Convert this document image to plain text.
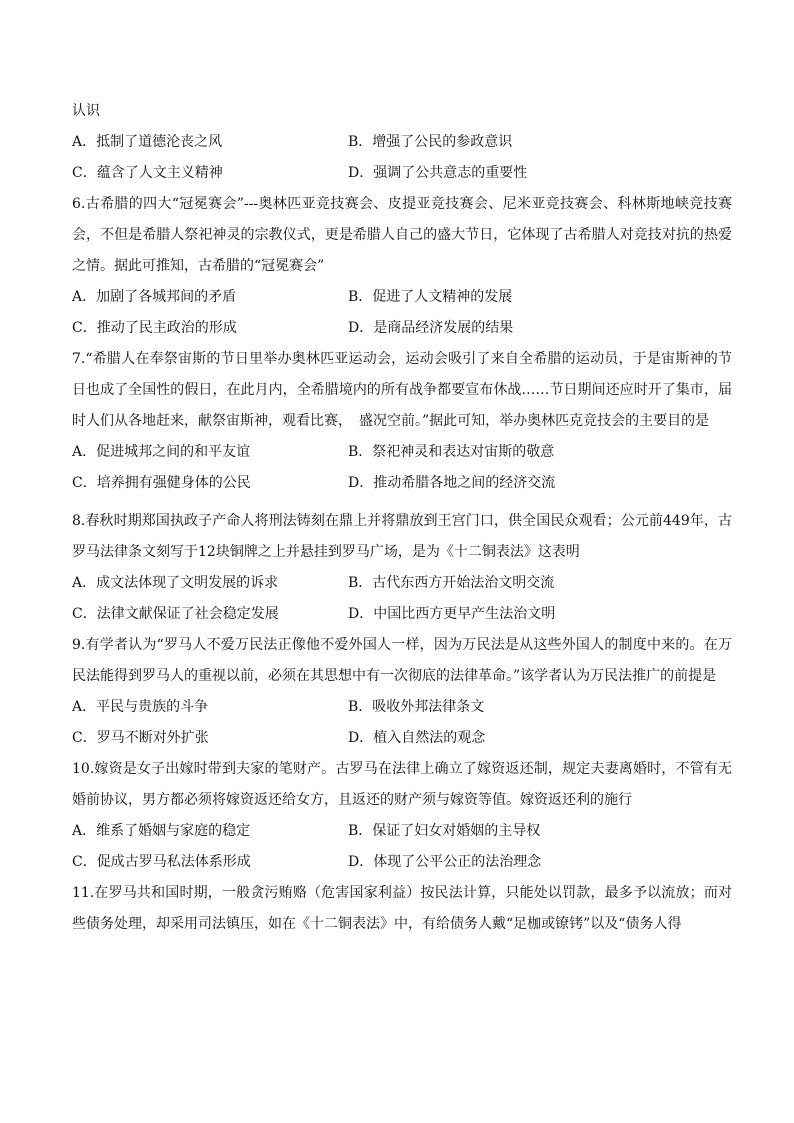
认识

A．抵制了道德沦丧之风	B．增强了公民的参政意识
C．蕴含了人文主义精神	D．强调了公共意志的重要性

6.古希腊的四大“冠冕赛会”---奥林匹亚竞技赛会、皮提亚竞技赛会、尼米亚竞技赛会、科林斯地峡竞技赛会，不但是希腊人祭祀神灵的宗教仪式，更是希腊人自己的盛大节日，它体现了古希腊人对竞技对抗的热爱之情。据此可推知，古希腊的“冠冕赛会”

A．加剧了各城邦间的矛盾	B．促进了人文精神的发展
C．推动了民主政治的形成	D．是商品经济发展的结果

7.“希腊人在奉祭宙斯的节日里举办奥林匹亚运动会，运动会吸引了来自全希腊的运动员，于是宙斯神的节日也成了全国性的假日，在此月内，全希腊境内的所有战争都要宣布休战……节日期间还应时开了集市，届时人们从各地赶来，献祭宙斯神，观看比赛，　盛况空前。”据此可知，举办奥林匹克竞技会的主要目的是

A．促进城邦之间的和平友谊	B．祭祀神灵和表达对宙斯的敬意
C．培养拥有强健身体的公民	D．推动希腊各地之间的经济交流

8.春秋时期郑国执政子产命人将刑法铸刻在鼎上并将鼎放到王宫门口，供全国民众观看；公元前449年，古罗马法律条文刻写于12块铜牌之上并悬挂到罗马广场，是为《十二铜表法》这表明

A．成文法体现了文明发展的诉求	B．古代东西方开始法治文明交流
C．法律文献保证了社会稳定发展	D．中国比西方更早产生法治文明

9.有学者认为“罗马人不爱万民法正像他不爱外国人一样，因为万民法是从这些外国人的制度中来的。在万民法能得到罗马人的重视以前，必须在其思想中有一次彻底的法律革命。”该学者认为万民法推广的前提是

A．平民与贵族的斗争	B．吸收外邦法律条文
C．罗马不断对外扩张	D．植入自然法的观念

10.嫁资是女子出嫁时带到夫家的笔财产。古罗马在法律上确立了嫁资返还制，规定夫妻离婚时，不管有无婚前协议，男方都必须将嫁资返还给女方，且返还的财产须与嫁资等值。嫁资返还利的施行

A．维系了婚姻与家庭的稳定	B．保证了妇女对婚姻的主导权
C．促成古罗马私法体系形成	D．体现了公平公正的法治理念

11.在罗马共和国时期，一般贪污贿赂（危害国家利益）按民法计算，只能处以罚款，最多予以流放；而对些债务处理，却采用司法镇压，如在《十二铜表法》中，有给债务人戴“足枷或镣铐”以及“债务人得
